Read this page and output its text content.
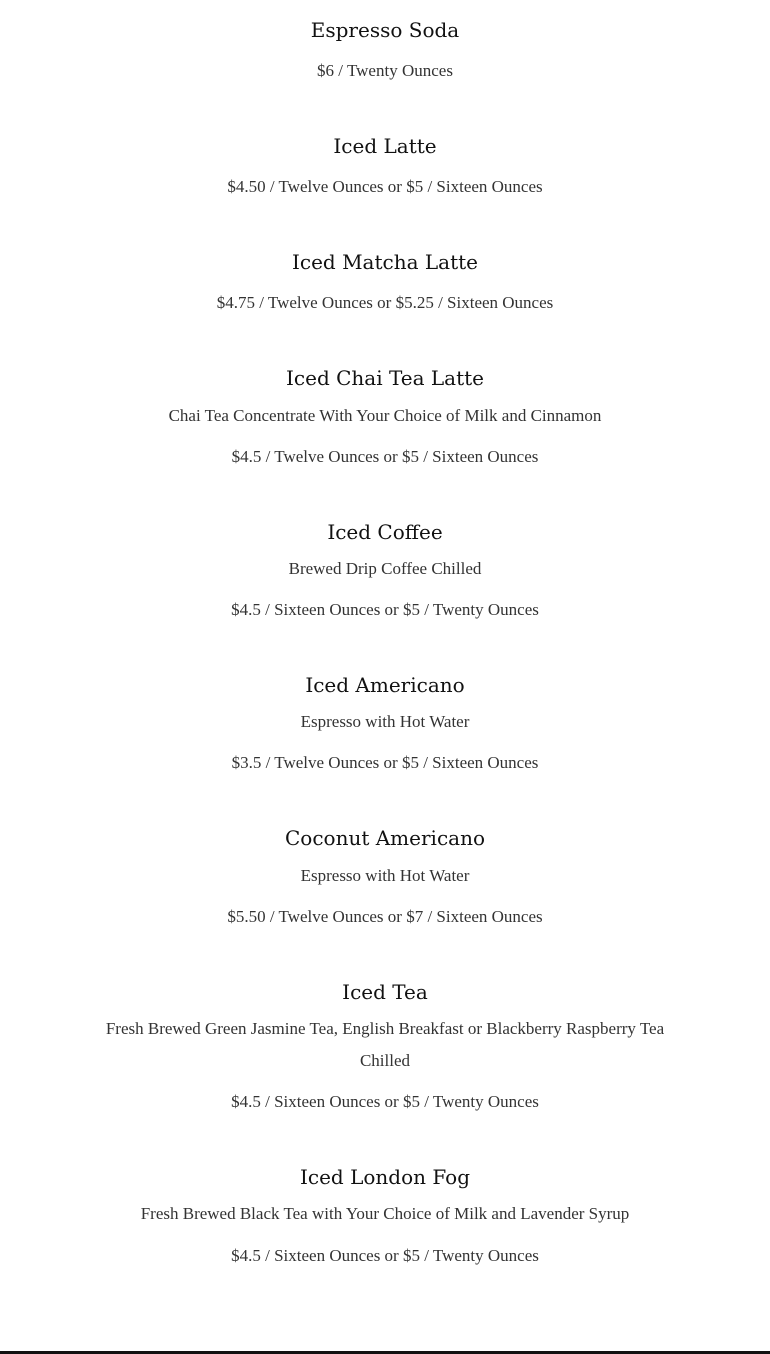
Espresso Soda
$6 / Twenty Ounces
Iced Latte
$4.50 / Twelve Ounces or $5 / Sixteen Ounces
Iced Matcha Latte
$4.75 / Twelve Ounces or $5.25 / Sixteen Ounces
Iced Chai Tea Latte
Chai Tea Concentrate With Your Choice of Milk and Cinnamon
$4.5 / Twelve Ounces or $5 / Sixteen Ounces
Iced Coffee
Brewed Drip Coffee Chilled
$4.5 / Sixteen Ounces or $5 / Twenty Ounces
Iced Americano
Espresso with Hot Water
$3.5 / Twelve Ounces or $5 / Sixteen Ounces
Coconut Americano
Espresso with Hot Water
$5.50 / Twelve Ounces or $7 / Sixteen Ounces
Iced Tea
Fresh Brewed Green Jasmine Tea, English Breakfast or Blackberry Raspberry Tea Chilled
$4.5 / Sixteen Ounces or $5 / Twenty Ounces
Iced London Fog
Fresh Brewed Black Tea with Your Choice of Milk and Lavender Syrup
$4.5 / Sixteen Ounces or $5 / Twenty Ounces
